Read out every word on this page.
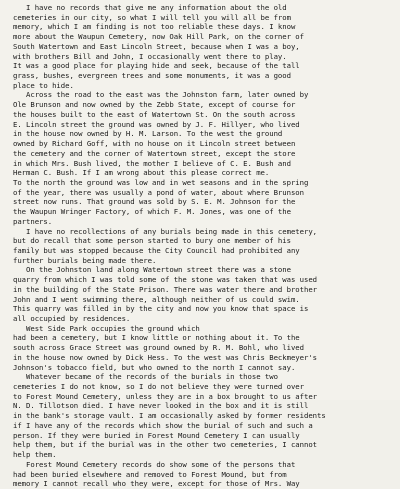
I have no records that give me any information about the old
cemeteries in our city, so what I will tell you will all be from
memory, which I am finding is not too reliable these days. I know
more about the Waupun Cemetery, now Oak Hill Park, on the corner of
South Watertown and East Lincoln Street, because when I was a boy,
with brothers Bill and John, I occasionally went there to play.
It was a good place for playing hide and seek, because of the tall
grass, bushes, evergreen trees and some monuments, it was a good
place to hide.
Across the road to the east was the Johnston farm, later owned by
Ole Brunson and now owned by the Zebb State, except of course for
the houses built to the east of Watertown St. On the south across
E. Lincoln street the ground was owned by J. F. Hillyer, who lived
in the house now owned by H. M. Larson. To the west the ground
owned by Richard Goff, with no house on it Lincoln street between
the cemetery and the corner of Watertown street, except the store
in which Mrs. Bush lived, the mother I believe of C. E. Bush and
Herman C. Bush. If I am wrong about this please correct me.
To the north the ground was low and in wet seasons and in the spring
of the year, there was usually a pond of water, about where Brunson
street now runs. That ground was sold by S. E. M. Johnson for the
the Waupun Wringer Factory, of which F. M. Jones, was one of the
partners.
I have no recollections of any burials being made in this cemetery,
but do recall that some person started to bury one member of his
family but was stopped because the City Council had prohibited any
further burials being made there.
On the Johnston land along Watertown street there was a stone
quarry from which I was told some of the stone was taken that was used
in the building of the State Prison. There was water there and brother
John and I went swimming there, although neither of us could swim.
This quarry was filled in by the city and now you know that space is
all occupied by residences.
West Side Park occupies the ground which
had been a cemetery, but I know little or nothing about it. To the
south across Grace Street was ground owned by R. M. Bohl, who lived
in the house now owned by Dick Hess. To the west was Chris Beckmeyer's
Johnson's tobacco field, but who owned to the north I cannot say.
Whatever became of the records of the burials in those two
cemeteries I do not know, so I do not believe they were turned over
to Forest Mound Cemetery, unless they are in a box brought to us after
N. D. Tillotson died. I have never looked in the box and it is still
in the bank's storage vault. I am occasionally asked by former residents
if I have any of the records which show the burial of such and such a
person. If they were buried in Forest Mound Cemetery I can usually
help them, but if the burial was in the other two cemeteries, I cannot
help them.
Forest Mound Cemetery records do show some of the persons that
had been buried elsewhere and removed to Forest Mound, but from
memory I cannot recall who they were, except for those of Mrs. Way
